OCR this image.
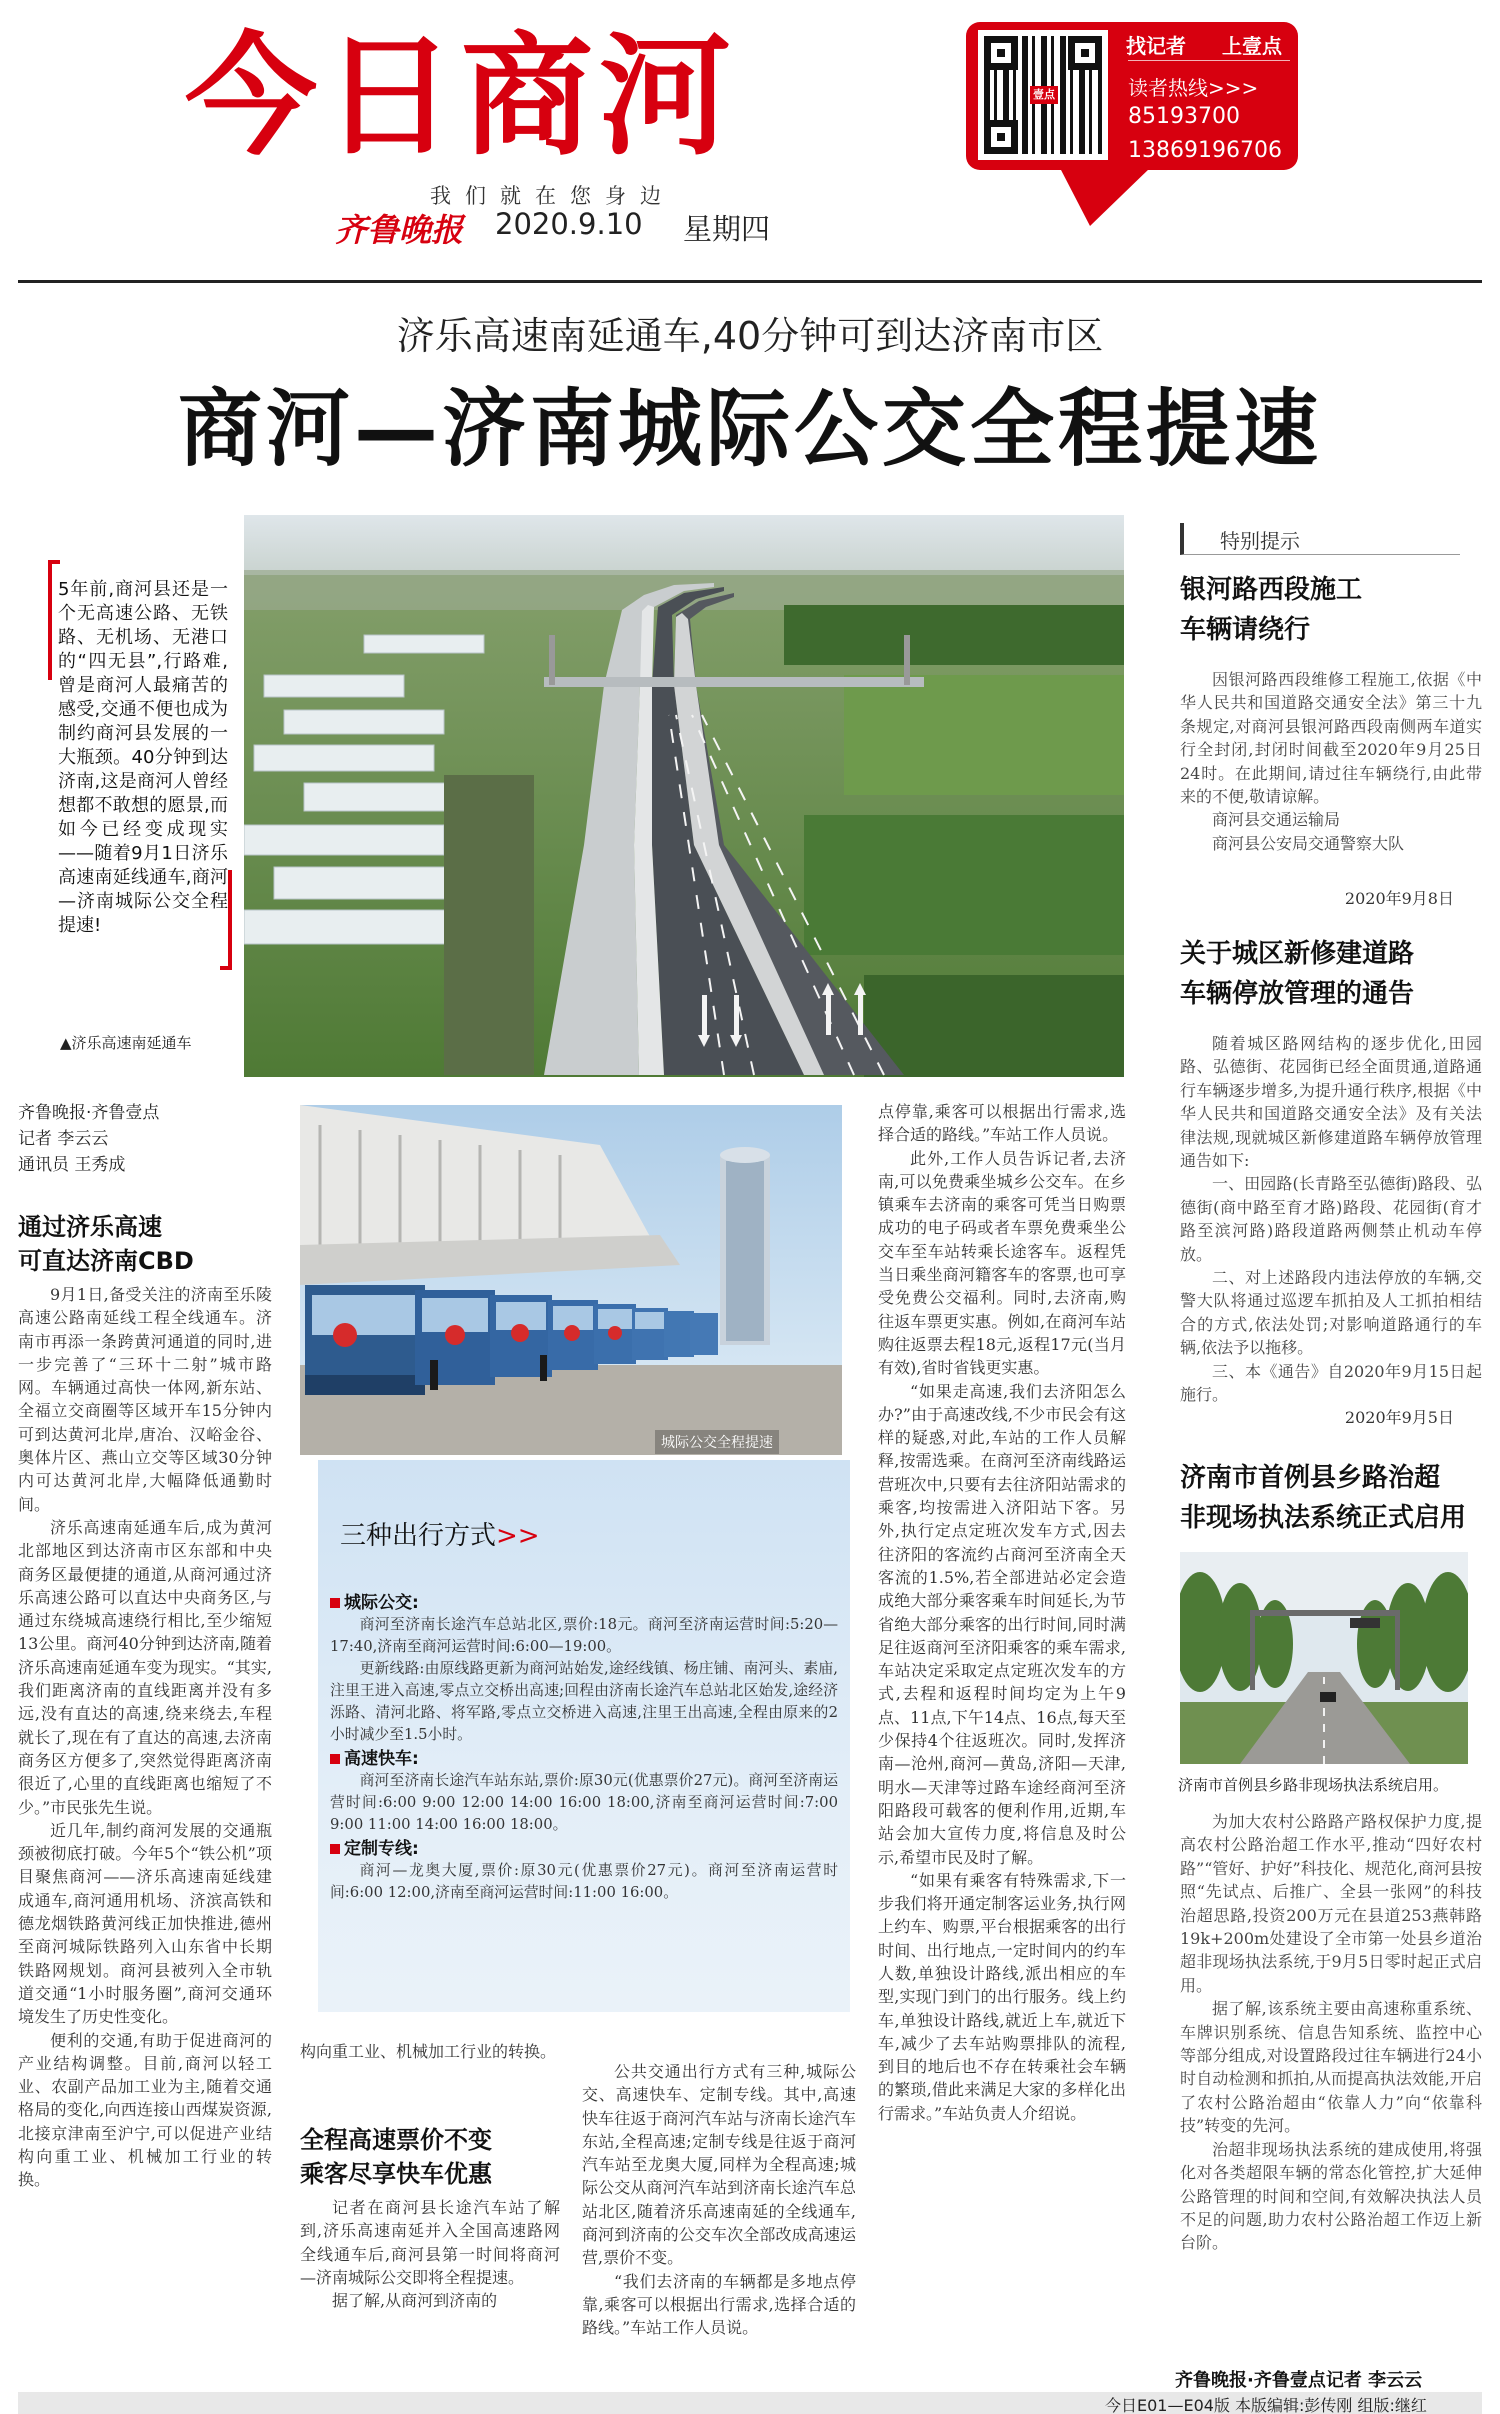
今日商河
我们就在您身边
齐鲁晚报 2020.9.10 星期四
壹点
找记者 上壹点
读者热线>>>
85193700
13869196706
济乐高速南延通车,40分钟可到达济南市区
商河—济南城际公交全程提速
5年前,商河县还是一个无高速公路、无铁路、无机场、无港口的“四无县”,行路难,曾是商河人最痛苦的感受,交通不便也成为制约商河县发展的一大瓶颈。40分钟到达济南,这是商河人曾经想都不敢想的愿景,而如今已经变成现实——随着9月1日济乐高速南延线通车,商河—济南城际公交全程提速!
▲济乐高速南延通车
齐鲁晚报·齐鲁壹点
记者 李云云
通讯员 王秀成
通过济乐高速
可直达济南CBD

9月1日,备受关注的济南至乐陵高速公路南延线工程全线通车。济南市再添一条跨黄河通道的同时,进一步完善了“三环十二射”城市路网。车辆通过高快一体网,新东站、全福立交商圈等区域开车15分钟内可到达黄河北岸,唐冶、汉峪金谷、奥体片区、燕山立交等区域30分钟内可达黄河北岸,大幅降低通勤时间。

济乐高速南延通车后,成为黄河北部地区到达济南市区东部和中央商务区最便捷的通道,从商河通过济乐高速公路可以直达中央商务区,与通过东绕城高速绕行相比,至少缩短13公里。商河40分钟到达济南,随着济乐高速南延通车变为现实。“其实,我们距离济南的直线距离并没有多远,没有直达的高速,绕来绕去,车程就长了,现在有了直达的高速,去济南商务区方便多了,突然觉得距离济南很近了,心里的直线距离也缩短了不少。”市民张先生说。

近几年,制约商河发展的交通瓶颈被彻底打破。今年5个“铁公机”项目聚焦商河——济乐高速南延线建成通车,商河通用机场、济滨高铁和德龙烟铁路黄河线正加快推进,德州至商河城际铁路列入山东省中长期铁路网规划。商河县被列入全市轨道交通“1小时服务圈”,商河交通环境发生了历史性变化。

便利的交通,有助于促进商河的产业结构调整。目前,商河以轻工业、农副产品加工业为主,随着交通格局的变化,向西连接山西煤炭资源,北接京津南至沪宁,可以促进产业结构向重工业、机械加工行业的转换。

城际公交全程提速
三种出行方式>>
城际公交:

商河至济南长途汽车总站北区,票价:18元。商河至济南运营时间:5:20—17:40,济南至商河运营时间:6:00—19:00。

更新线路:由原线路更新为商河站始发,途经线镇、杨庄铺、南河头、素庙,注里王进入高速,零点立交桥出高速;回程由济南长途汽车总站北区始发,途经济泺路、清河北路、将军路,零点立交桥进入高速,注里王出高速,全程由原来的2小时减少至1.5小时。

高速快车:

商河至济南长途汽车站东站,票价:原30元(优惠票价27元)。商河至济南运营时间:6:00 9:00 12:00 14:00 16:00 18:00,济南至商河运营时间:7:00 9:00 11:00 14:00 16:00 18:00。

定制专线:

商河—龙奥大厦,票价:原30元(优惠票价27元)。商河至济南运营时间:6:00 12:00,济南至商河运营时间:11:00 16:00。

构向重工业、机械加工行业的转换。
全程高速票价不变
乘客尽享快车优惠

记者在商河县长途汽车站了解到,济乐高速南延并入全国高速路网全线通车后,商河县第一时间将商河—济南城际公交即将全程提速。

据了解,从商河到济南的

公共交通出行方式有三种,城际公交、高速快车、定制专线。其中,高速快车往返于商河汽车站与济南长途汽车东站,全程高速;定制专线是往返于商河汽车站至龙奥大厦,同样为全程高速;城际公交从商河汽车站到济南长途汽车总站北区,随着济乐高速南延的全线通车,商河到济南的公交车次全部改成高速运营,票价不变。

“我们去济南的车辆都是多地点停靠,乘客可以根据出行需求,选择合适的路线。”车站工作人员说。

点停靠,乘客可以根据出行需求,选择合适的路线。”车站工作人员说。

此外,工作人员告诉记者,去济南,可以免费乘坐城乡公交车。在乡镇乘车去济南的乘客可凭当日购票成功的电子码或者车票免费乘坐公交车至车站转乘长途客车。返程凭当日乘坐商河籍客车的客票,也可享受免费公交福利。同时,去济南,购往返车票更实惠。例如,在商河车站购往返票去程18元,返程17元(当月有效),省时省钱更实惠。

“如果走高速,我们去济阳怎么办?”由于高速改线,不少市民会有这样的疑惑,对此,车站的工作人员解释,按需选乘。在商河至济南线路运营班次中,只要有去往济阳站需求的乘客,均按需进入济阳站下客。另外,执行定点定班次发车方式,因去往济阳的客流约占商河至济南全天客流的1.5%,若全部进站必定会造成绝大部分乘客乘车时间延长,为节省绝大部分乘客的出行时间,同时满足往返商河至济阳乘客的乘车需求,车站决定采取定点定班次发车的方式,去程和返程时间均定为上午9点、11点,下午14点、16点,每天至少保持4个往返班次。同时,发挥济南—沧州,商河—黄岛,济阳—天津,明水—天津等过路车途经商河至济阳路段可载客的便利作用,近期,车站会加大宣传力度,将信息及时公示,希望市民及时了解。

“如果有乘客有特殊需求,下一步我们将开通定制客运业务,执行网上约车、购票,平台根据乘客的出行时间、出行地点,一定时间内的约车人数,单独设计路线,派出相应的车型,实现门到门的出行服务。线上约车,单独设计路线,就近上车,就近下车,减少了去车站购票排队的流程,到目的地后也不存在转乘社会车辆的繁琐,借此来满足大家的多样化出行需求。”车站负责人介绍说。

特别提示
银河路西段施工
车辆请绕行

因银河路西段维修工程施工,依据《中华人民共和国道路交通安全法》第三十九条规定,对商河县银河路西段南侧两车道实行全封闭,封闭时间截至2020年9月25日24时。在此期间,请过往车辆绕行,由此带来的不便,敬请谅解。

商河县交通运输局

商河县公安局交通警察大队

2020年9月8日
关于城区新修建道路
车辆停放管理的通告

随着城区路网结构的逐步优化,田园路、弘德街、花园街已经全面贯通,道路通行车辆逐步增多,为提升通行秩序,根据《中华人民共和国道路交通安全法》及有关法律法规,现就城区新修建道路车辆停放管理通告如下:

一、田园路(长青路至弘德街)路段、弘德街(商中路至育才路)路段、花园街(育才路至滨河路)路段道路两侧禁止机动车停放。

二、对上述路段内违法停放的车辆,交警大队将通过巡逻车抓拍及人工抓拍相结合的方式,依法处罚;对影响道路通行的车辆,依法予以拖移。

三、本《通告》自2020年9月15日起施行。

2020年9月5日
济南市首例县乡路治超
非现场执法系统正式启用
济南市首例县乡路非现场执法系统启用。

为加大农村公路路产路权保护力度,提高农村公路治超工作水平,推动“四好农村路”“管好、护好”科技化、规范化,商河县按照“先试点、后推广、全县一张网”的科技治超思路,投资200万元在县道253燕韩路19k+200m处建设了全市第一处县乡道治超非现场执法系统,于9月5日零时起正式启用。

据了解,该系统主要由高速称重系统、车牌识别系统、信息告知系统、监控中心等部分组成,对设置路段过往车辆进行24小时自动检测和抓拍,从而提高执法效能,开启了农村公路治超由“依靠人力”向“依靠科技”转变的先河。

治超非现场执法系统的建成使用,将强化对各类超限车辆的常态化管控,扩大延伸公路管理的时间和空间,有效解决执法人员不足的问题,助力农村公路治超工作迈上新台阶。

齐鲁晚报·齐鲁壹点记者 李云云
今日E01—E04版 本版编辑:彭传刚 组版:继红
